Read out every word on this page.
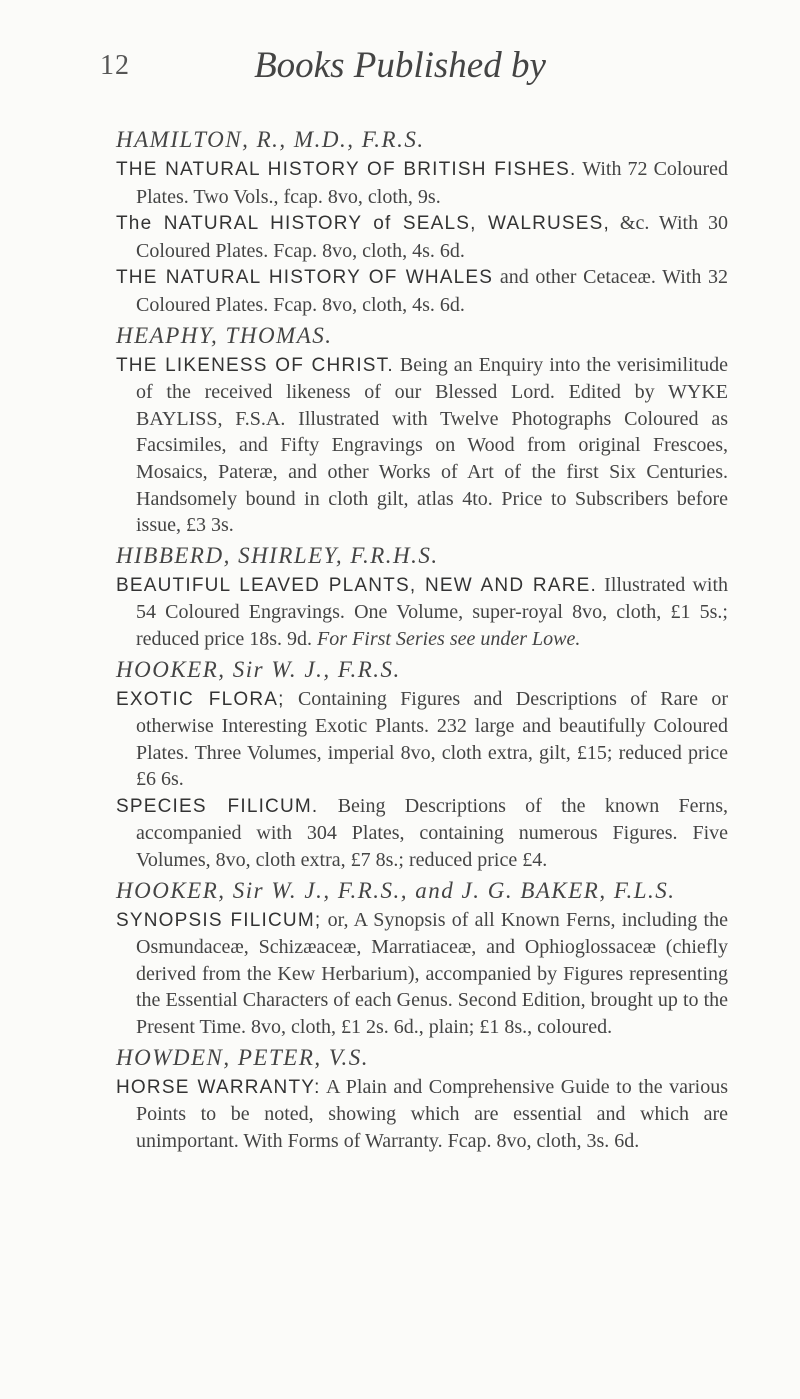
12	Books Published by

HAMILTON, R., M.D., F.R.S.

THE NATURAL HISTORY OF BRITISH FISHES. With 72 Coloured Plates. Two Vols., fcap. 8vo, cloth, 9s.

The NATURAL HISTORY of SEALS, WALRUSES, &c. With 30 Coloured Plates. Fcap. 8vo, cloth, 4s. 6d.

THE NATURAL HISTORY OF WHALES and other Cetaceæ. With 32 Coloured Plates. Fcap. 8vo, cloth, 4s. 6d.

HEAPHY, THOMAS.

THE LIKENESS OF CHRIST. Being an Enquiry into the verisimilitude of the received likeness of our Blessed Lord. Edited by WYKE BAYLISS, F.S.A. Illustrated with Twelve Photographs Coloured as Facsimiles, and Fifty Engravings on Wood from original Frescoes, Mosaics, Pateræ, and other Works of Art of the first Six Centuries. Handsomely bound in cloth gilt, atlas 4to. Price to Subscribers before issue, £3 3s.

HIBBERD, SHIRLEY, F.R.H.S.

BEAUTIFUL LEAVED PLANTS, NEW AND RARE. Illustrated with 54 Coloured Engravings. One Volume, super-royal 8vo, cloth, £1 5s.; reduced price 18s. 9d. For First Series see under Lowe.

HOOKER, Sir W. J., F.R.S.

EXOTIC FLORA; Containing Figures and Descriptions of Rare or otherwise Interesting Exotic Plants. 232 large and beautifully Coloured Plates. Three Volumes, imperial 8vo, cloth extra, gilt, £15; reduced price £6 6s.

SPECIES FILICUM. Being Descriptions of the known Ferns, accompanied with 304 Plates, containing numerous Figures. Five Volumes, 8vo, cloth extra, £7 8s.; reduced price £4.

HOOKER, Sir W. J., F.R.S., and J. G. BAKER, F.L.S.

SYNOPSIS FILICUM; or, A Synopsis of all Known Ferns, including the Osmundaceæ, Schizæaceæ, Marratiaceæ, and Ophioglossaceæ (chiefly derived from the Kew Herbarium), accompanied by Figures representing the Essential Characters of each Genus. Second Edition, brought up to the Present Time. 8vo, cloth, £1 2s. 6d., plain; £1 8s., coloured.

HOWDEN, PETER, V.S.

HORSE WARRANTY: A Plain and Comprehensive Guide to the various Points to be noted, showing which are essential and which are unimportant. With Forms of Warranty. Fcap. 8vo, cloth, 3s. 6d.
